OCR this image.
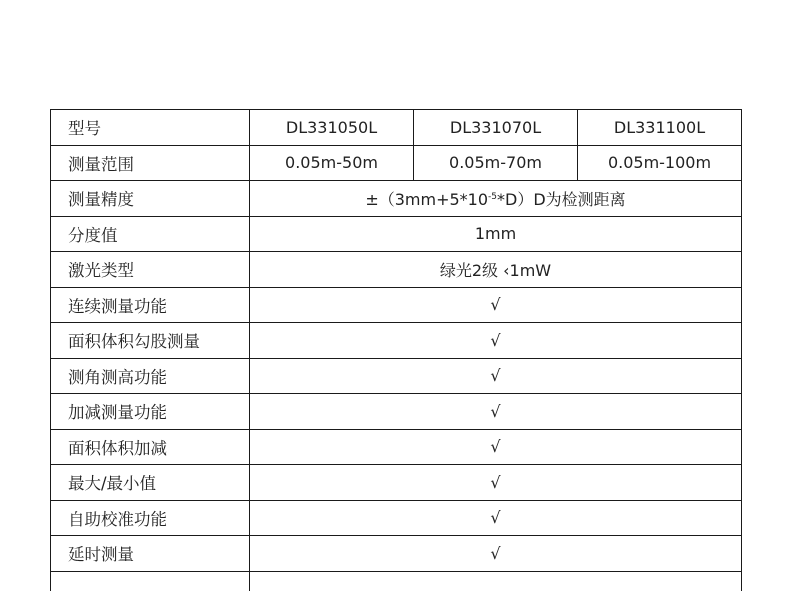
型号	DL331050L	DL331070L	DL331100L
测量范围	0.05m-50m	0.05m-70m	0.05m-100m
测量精度	$\pm(3mm+5*10^{-5}*D)D$为检测距离		
分度值	1mm		
激光类型	绿光2级 ‹1mW		
连续测量功能	√		
面积体积勾股测量	√		
测角测高功能	√		
加减测量功能	√		
面积体积加减	√		
最大/最小值	√		
自助校准功能	√		
延时测量	√		
